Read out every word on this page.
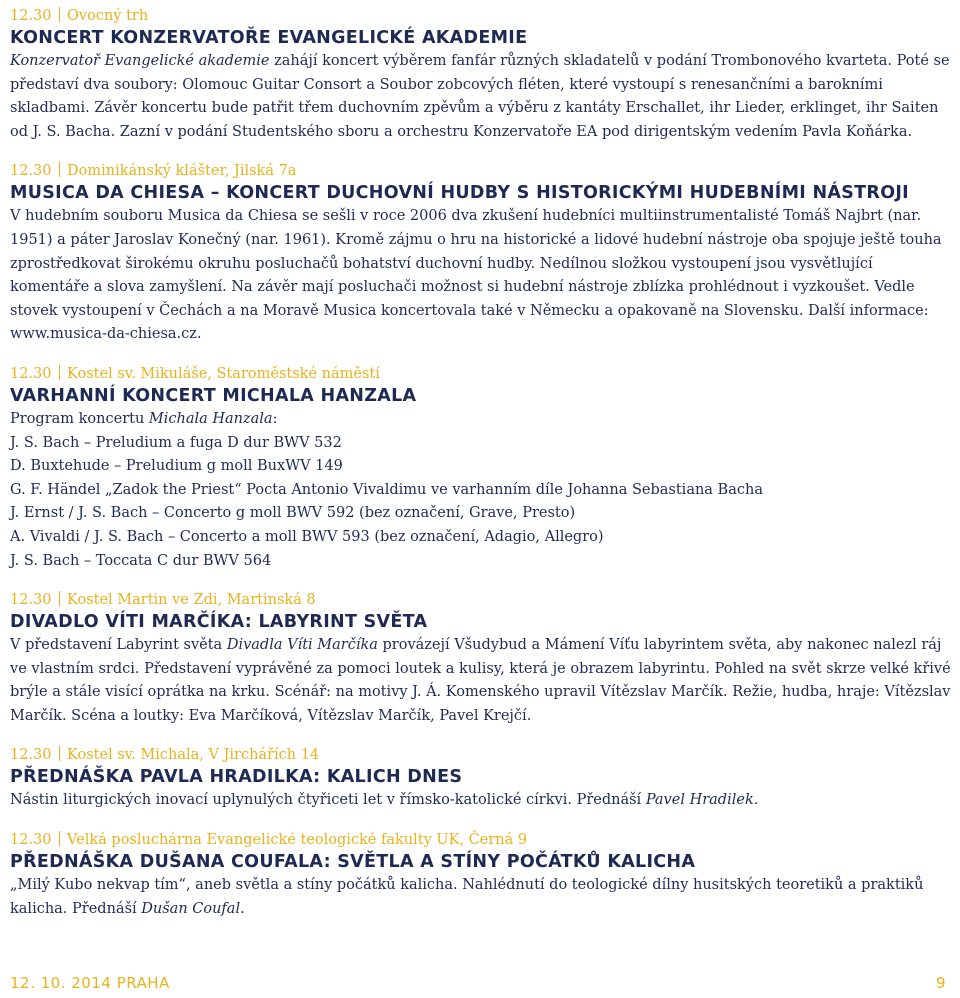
12.30 Ovocný trh
KONCERT KONZERVATOŘE EVANGELICKÉ AKADEMIE

Konzervatoř Evangelické akademie zahájí koncert výběrem fanfár různých skladatelů v podání Trombonového kvarteta. Poté se představí dva soubory: Olomouc Guitar Consort a Soubor zobcových fléten, které vystoupí s renesančními a barokními skladbami. Závěr koncertu bude patřit třem duchovním zpěvům a výběru z kantáty Erschallet, ihr Lieder, erklinget, ihr Saiten od J. S. Bacha. Zazní v podání Studentského sboru a orchestru Konzervatoře EA pod dirigentským vedením Pavla Koňárka.

12.30 Dominikánský klášter, Jilská 7a
MUSICA DA CHIESA – KONCERT DUCHOVNÍ HUDBY S HISTORICKÝMI HUDEBNÍMI NÁSTROJI

V hudebním souboru Musica da Chiesa se sešli v roce 2006 dva zkušení hudebníci multiinstrumentalisté Tomáš Najbrt (nar. 1951) a páter Jaroslav Konečný (nar. 1961). Kromě zájmu o hru na historické a lidové hudební nástroje oba spojuje ještě touha zprostředkovat širokému okruhu posluchačů bohatství duchovní hudby. Nedílnou složkou vystoupení jsou vysvětlující komentáře a slova zamyšlení. Na závěr mají posluchači možnost si hudební nástroje zblízka prohlédnout i vyzkoušet. Vedle stovek vystoupení v Čechách a na Moravě Musica koncertovala také v Německu a opakovaně na Slovensku. Další informace: www.musica-da-chiesa.cz.

12.30 Kostel sv. Mikuláše, Staroměstské náměstí
VARHANNÍ KONCERT MICHALA HANZALA
Program koncertu Michala Hanzala:
J. S. Bach – Preludium a fuga D dur BWV 532
D. Buxtehude – Preludium g moll BuxWV 149
G. F. Händel „Zadok the Priest“ Pocta Antonio Vivaldimu ve varhanním díle Johanna Sebastiana Bacha
J. Ernst / J. S. Bach – Concerto g moll BWV 592 (bez označení, Grave, Presto)
A. Vivaldi / J. S. Bach – Concerto a moll BWV 593 (bez označení, Adagio, Allegro)
J. S. Bach – Toccata C dur BWV 564
12.30 Kostel Martin ve Zdi, Martinská 8
DIVADLO VÍTI MARČÍKA: LABYRINT SVĚTA

V představení Labyrint světa Divadla Víti Marčíka provázejí Všudybud a Mámení Víťu labyrintem světa, aby nakonec nalezl ráj ve vlastním srdci. Představení vyprávěné za pomoci loutek a kulisy, která je obrazem labyrintu. Pohled na svět skrze velké křivé brýle a stále visící oprátka na krku. Scénář: na motivy J. Á. Komenského upravil Vítězslav Marčík. Režie, hudba, hraje: Vítězslav Marčík. Scéna a loutky: Eva Marčíková, Vítězslav Marčík, Pavel Krejčí.

12.30 Kostel sv. Michala, V Jirchářích 14
PŘEDNÁŠKA PAVLA HRADILKA: KALICH DNES

Nástin liturgických inovací uplynulých čtyřiceti let v římsko-katolické církvi. Přednáší Pavel Hradilek.

12.30 Velká posluchárna Evangelické teologické fakulty UK, Černá 9
PŘEDNÁŠKA DUŠANA COUFALA: SVĚTLA A STÍNY POČÁTKŮ KALICHA

„Milý Kubo nekvap tím“, aneb světla a stíny počátků kalicha. Nahlédnutí do teologické dílny husitských teoretiků a praktiků kalicha. Přednáší Dušan Coufal.

12. 10. 2014 PRAHA	9
